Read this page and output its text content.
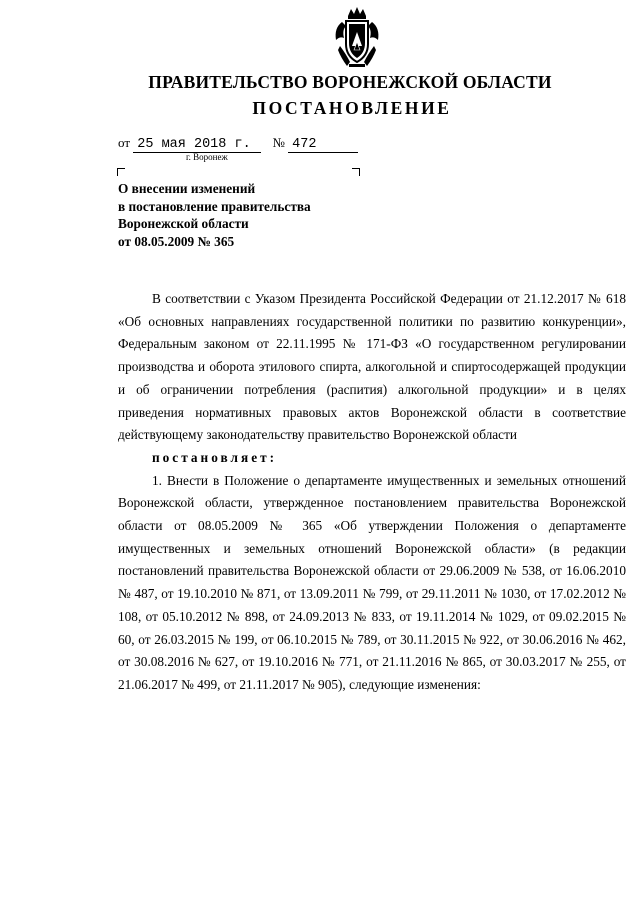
ПРАВИТЕЛЬСТВО ВОРОНЕЖСКОЙ ОБЛАСТИ
ПОСТАНОВЛЕНИЕ
от 25 мая 2018 г. № 472
г. Воронеж
О внесении изменений
в постановление правительства
Воронежской области
от 08.05.2009 № 365

В соответствии с Указом Президента Российской Федерации от 21.12.2017 № 618 «Об основных направлениях государственной политики по развитию конкуренции», Федеральным законом от 22.11.1995 № 171-ФЗ «О государственном регулировании производства и оборота этилового спирта, алкогольной и спиртосодержащей продукции и об ограничении потребления (распития) алкогольной продукции» и в целях приведения нормативных правовых актов Воронежской области в соответствие действующему законодательству правительство Воронежской области

постановляет:

1. Внести в Положение о департаменте имущественных и земельных отношений Воронежской области, утвержденное постановлением правительства Воронежской области от 08.05.2009 № 365 «Об утверждении Положения о департаменте имущественных и земельных отношений Воронежской области» (в редакции постановлений правительства Воронежской области от 29.06.2009 № 538, от 16.06.2010 № 487, от 19.10.2010 № 871, от 13.09.2011 № 799, от 29.11.2011 № 1030, от 17.02.2012 № 108, от 05.10.2012 № 898, от 24.09.2013 № 833, от 19.11.2014 № 1029, от 09.02.2015 № 60, от 26.03.2015 № 199, от 06.10.2015 № 789, от 30.11.2015 № 922, от 30.06.2016 № 462, от 30.08.2016 № 627, от 19.10.2016 № 771, от 21.11.2016 № 865, от 30.03.2017 № 255, от 21.06.2017 № 499, от 21.11.2017 № 905), следующие изменения:
